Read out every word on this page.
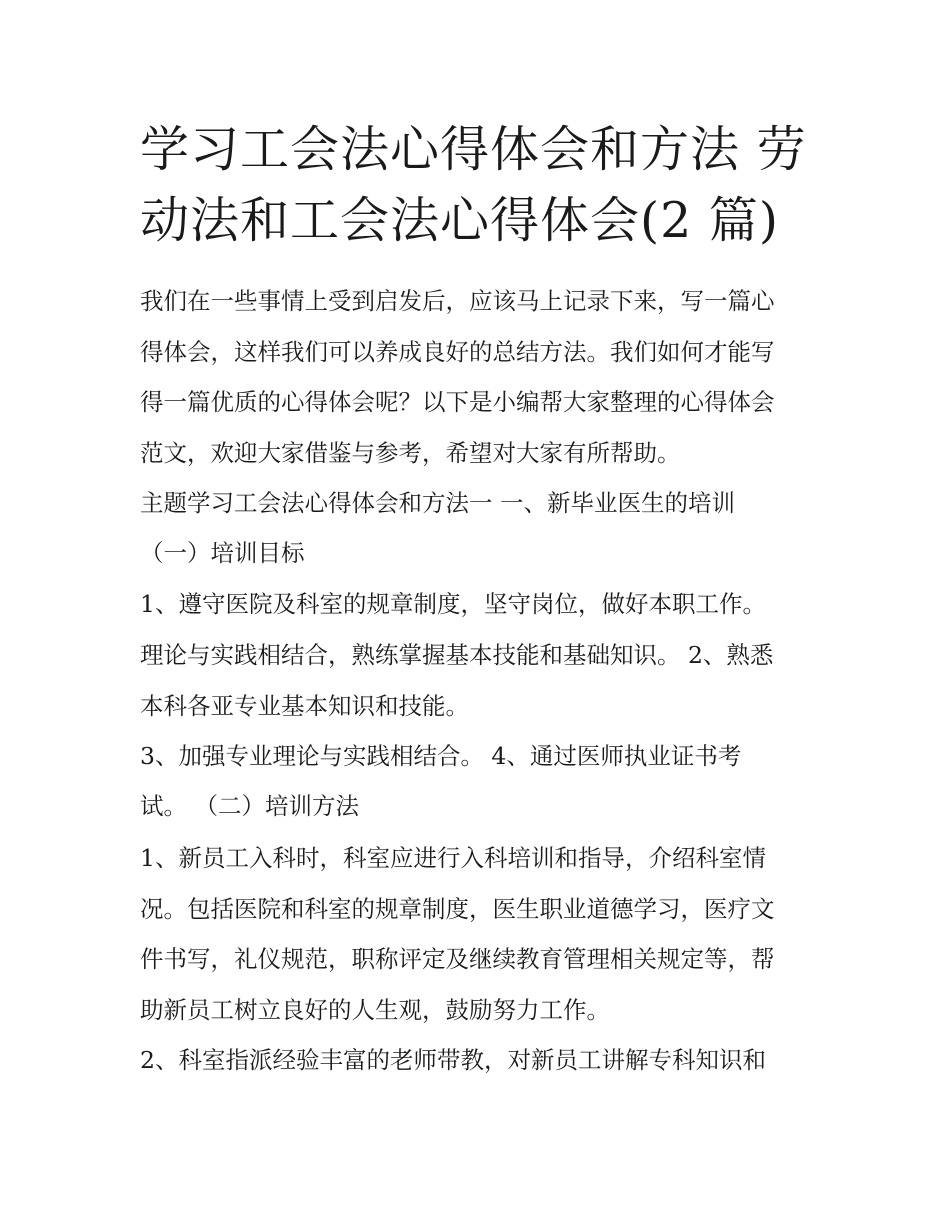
学习工会法心得体会和方法 劳
动法和工会法心得体会(2 篇)

我们在一些事情上受到启发后，应该马上记录下来，写一篇心

得体会，这样我们可以养成良好的总结方法。我们如何才能写

得一篇优质的心得体会呢？以下是小编帮大家整理的心得体会

范文，欢迎大家借鉴与参考，希望对大家有所帮助。

主题学习工会法心得体会和方法一 一、新毕业医生的培训

（一）培训目标

1、遵守医院及科室的规章制度，坚守岗位，做好本职工作。

理论与实践相结合，熟练掌握基本技能和基础知识。 2、熟悉

本科各亚专业基本知识和技能。

3、加强专业理论与实践相结合。 4、通过医师执业证书考

试。 （二）培训方法

1、新员工入科时，科室应进行入科培训和指导，介绍科室情

况。包括医院和科室的规章制度，医生职业道德学习，医疗文

件书写，礼仪规范，职称评定及继续教育管理相关规定等，帮

助新员工树立良好的人生观，鼓励努力工作。

2、科室指派经验丰富的老师带教，对新员工讲解专科知识和
